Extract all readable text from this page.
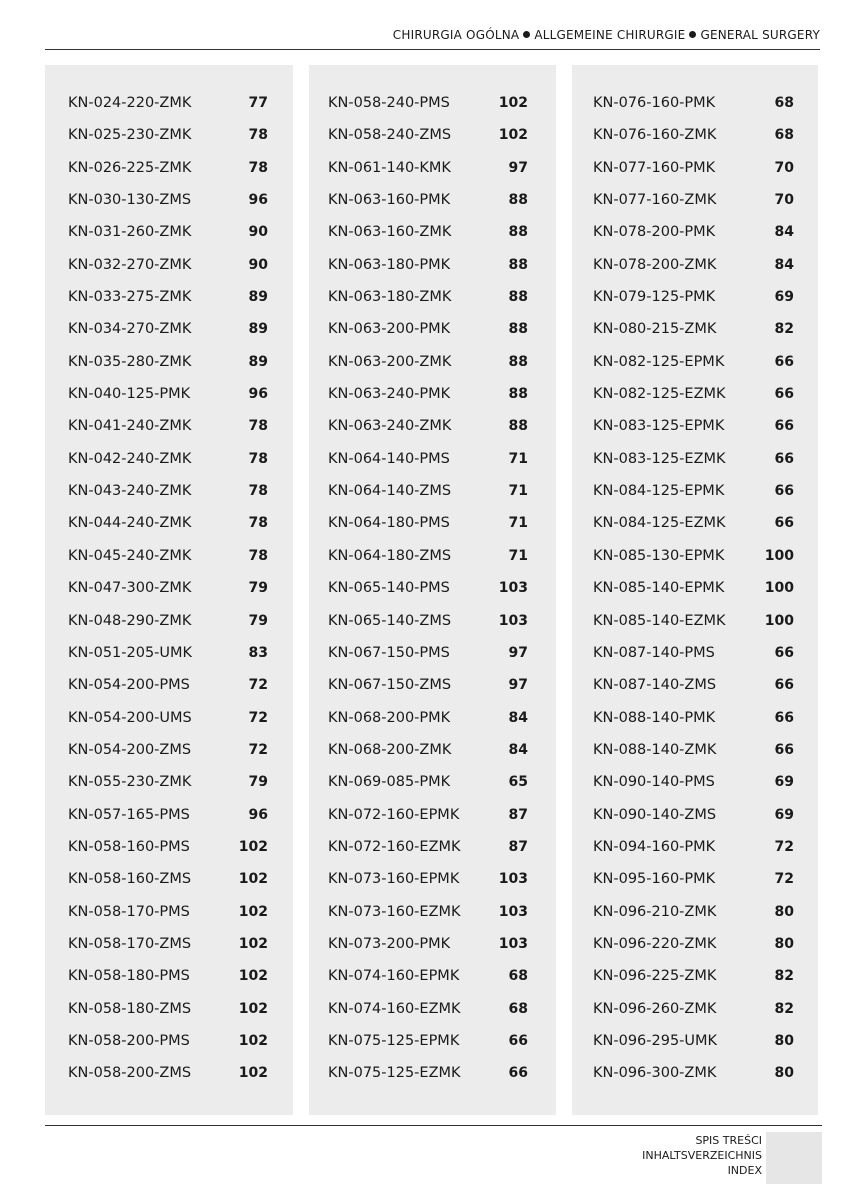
CHIRURGIA OGÓLNA ALLGEMEINE CHIRURGIE GENERAL SURGERY
KN-024-220-ZMK	77
KN-025-230-ZMK	78
KN-026-225-ZMK	78
KN-030-130-ZMS	96
KN-031-260-ZMK	90
KN-032-270-ZMK	90
KN-033-275-ZMK	89
KN-034-270-ZMK	89
KN-035-280-ZMK	89
KN-040-125-PMK	96
KN-041-240-ZMK	78
KN-042-240-ZMK	78
KN-043-240-ZMK	78
KN-044-240-ZMK	78
KN-045-240-ZMK	78
KN-047-300-ZMK	79
KN-048-290-ZMK	79
KN-051-205-UMK	83
KN-054-200-PMS	72
KN-054-200-UMS	72
KN-054-200-ZMS	72
KN-055-230-ZMK	79
KN-057-165-PMS	96
KN-058-160-PMS	102
KN-058-160-ZMS	102
KN-058-170-PMS	102
KN-058-170-ZMS	102
KN-058-180-PMS	102
KN-058-180-ZMS	102
KN-058-200-PMS	102
KN-058-200-ZMS	102
KN-058-240-PMS	102
KN-058-240-ZMS	102
KN-061-140-KMK	97
KN-063-160-PMK	88
KN-063-160-ZMK	88
KN-063-180-PMK	88
KN-063-180-ZMK	88
KN-063-200-PMK	88
KN-063-200-ZMK	88
KN-063-240-PMK	88
KN-063-240-ZMK	88
KN-064-140-PMS	71
KN-064-140-ZMS	71
KN-064-180-PMS	71
KN-064-180-ZMS	71
KN-065-140-PMS	103
KN-065-140-ZMS	103
KN-067-150-PMS	97
KN-067-150-ZMS	97
KN-068-200-PMK	84
KN-068-200-ZMK	84
KN-069-085-PMK	65
KN-072-160-EPMK	87
KN-072-160-EZMK	87
KN-073-160-EPMK	103
KN-073-160-EZMK	103
KN-073-200-PMK	103
KN-074-160-EPMK	68
KN-074-160-EZMK	68
KN-075-125-EPMK	66
KN-075-125-EZMK	66
KN-076-160-PMK	68
KN-076-160-ZMK	68
KN-077-160-PMK	70
KN-077-160-ZMK	70
KN-078-200-PMK	84
KN-078-200-ZMK	84
KN-079-125-PMK	69
KN-080-215-ZMK	82
KN-082-125-EPMK	66
KN-082-125-EZMK	66
KN-083-125-EPMK	66
KN-083-125-EZMK	66
KN-084-125-EPMK	66
KN-084-125-EZMK	66
KN-085-130-EPMK	100
KN-085-140-EPMK	100
KN-085-140-EZMK	100
KN-087-140-PMS	66
KN-087-140-ZMS	66
KN-088-140-PMK	66
KN-088-140-ZMK	66
KN-090-140-PMS	69
KN-090-140-ZMS	69
KN-094-160-PMK	72
KN-095-160-PMK	72
KN-096-210-ZMK	80
KN-096-220-ZMK	80
KN-096-225-ZMK	82
KN-096-260-ZMK	82
KN-096-295-UMK	80
KN-096-300-ZMK	80
SPIS TREŚCI
INHALTSVERZEICHNIS
INDEX
